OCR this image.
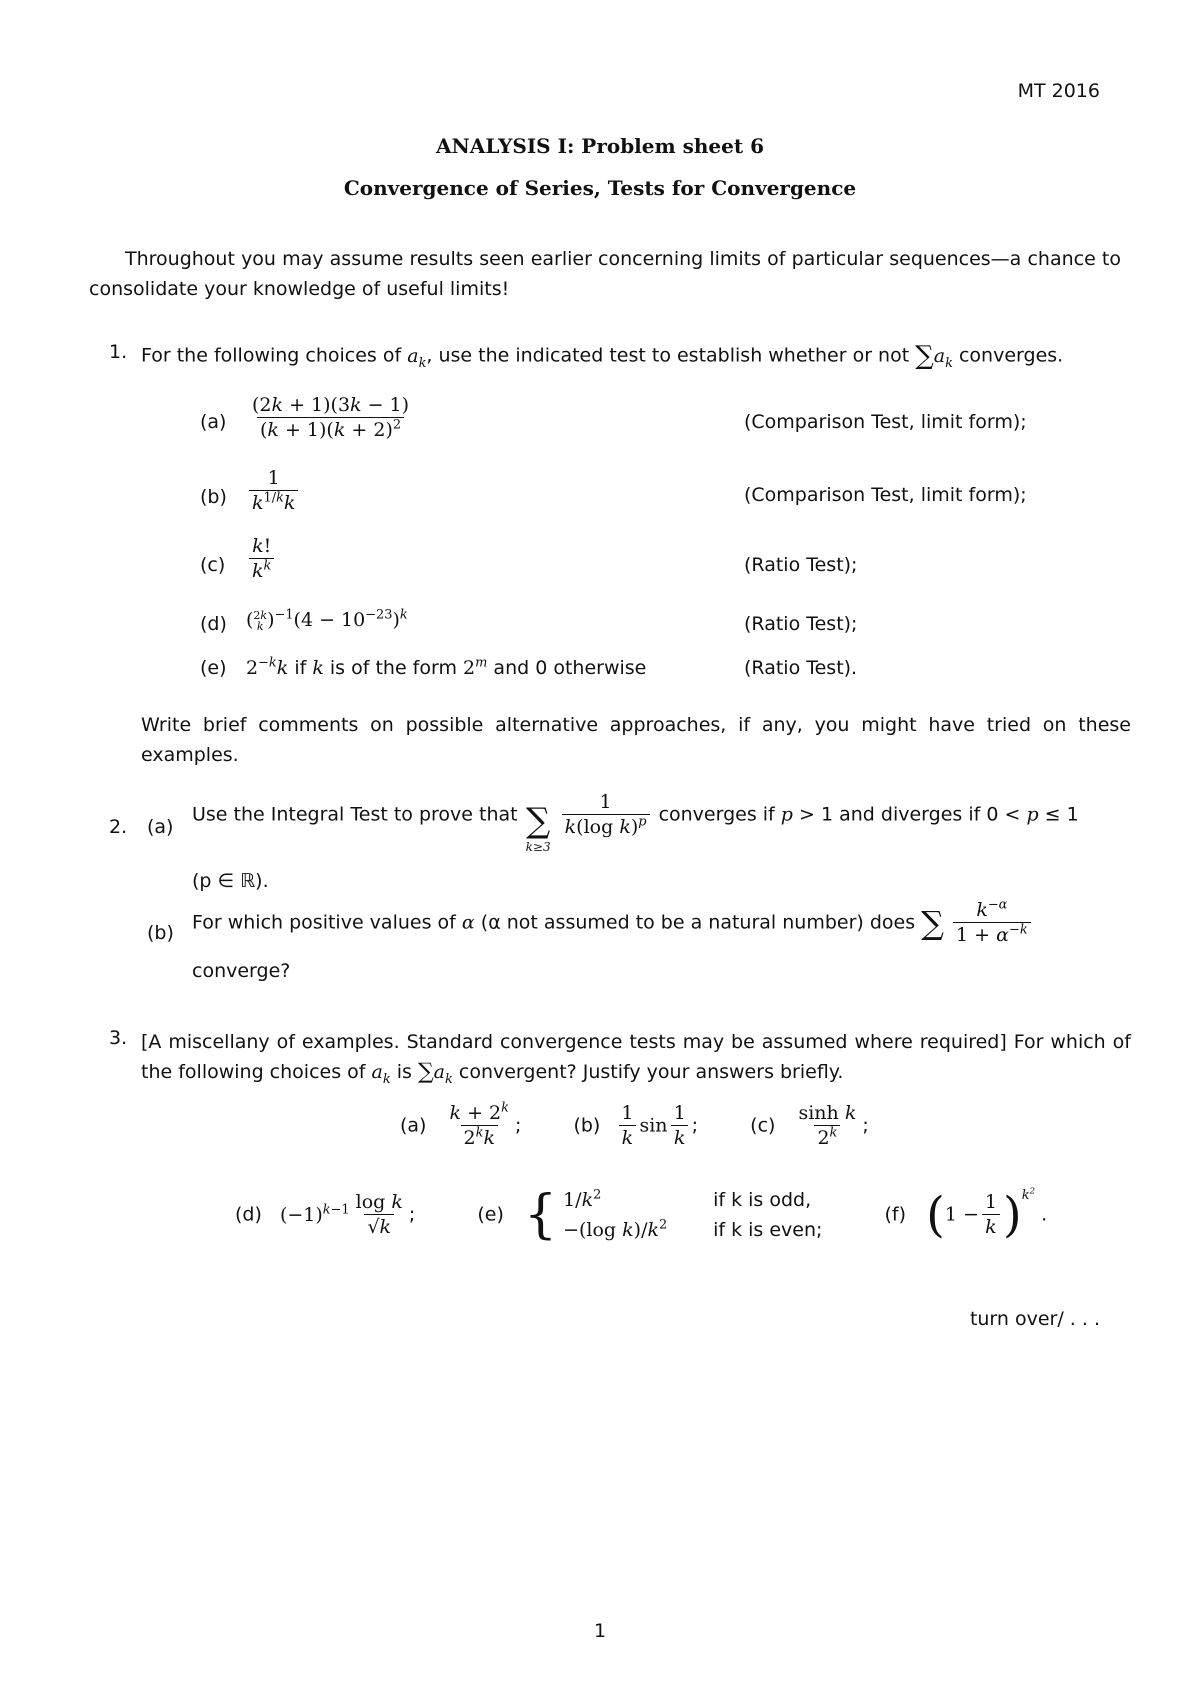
MT 2016
ANALYSIS I: Problem sheet 6
Convergence of Series, Tests for Convergence
Throughout you may assume results seen earlier concerning limits of particular sequences—a chance to consolidate your knowledge of useful limits!
1. For the following choices of $a_k$, use the indicated test to establish whether or not $\sum a_k$ converges.
$(a) \frac{(2k + 1)(3k - 1)}{(k + 1)(k + 2)^2}$	(Comparison Test, limit form);
$(b) \frac{1}{k^{1/k}k}$	(Comparison Test, limit form);
$(c) \frac{k!}{k^k}$	(Ratio Test);
(d) ( 2k
k )$^{-1}(4 - 10^{-23})^k$	(Ratio Test);
(e) $2^{-k}k$ if k is of the form 2$^m$ and 0 otherwise	(Ratio Test).
Write brief comments on possible alternative approaches, if any, you might have tried on these examples.
2. (a)
Use the Integral Test to prove that ∑
k≥3

$\frac{1}{k(\log k)^p}$ converges if p > 1 and diverges if 0 < p ≤ 1
(p ∈ ℝ).
(b) For which positive values of α (α not assumed to be a natural number) does ∑ $\frac{k^{-\alpha}}{1 + \alpha^{-k}}$
converge?
3. [A miscellany of examples. Standard convergence tests may be assumed where required] For which of the following choices of $a_k$ is $\sum a_k$ convergent? Justify your answers briefly.
$(a) \frac{k + 2^k}{2^kk}$ ;  $(b) \frac{1}{k}$ $\sin \frac{1}{k}$ ;  $(c) \frac{\text{sinh k}}{2^k}$ ;
(d) $(-1)^{k-1} \frac{\text{log k}}{√k}$ ;	(e) { $1/k^2$	if k is odd,
−(log $k)/k^2$ if k is even;  (f) $(1 - \frac{1}{k} )^{k^2}$ .
turn over/ . . .
1
